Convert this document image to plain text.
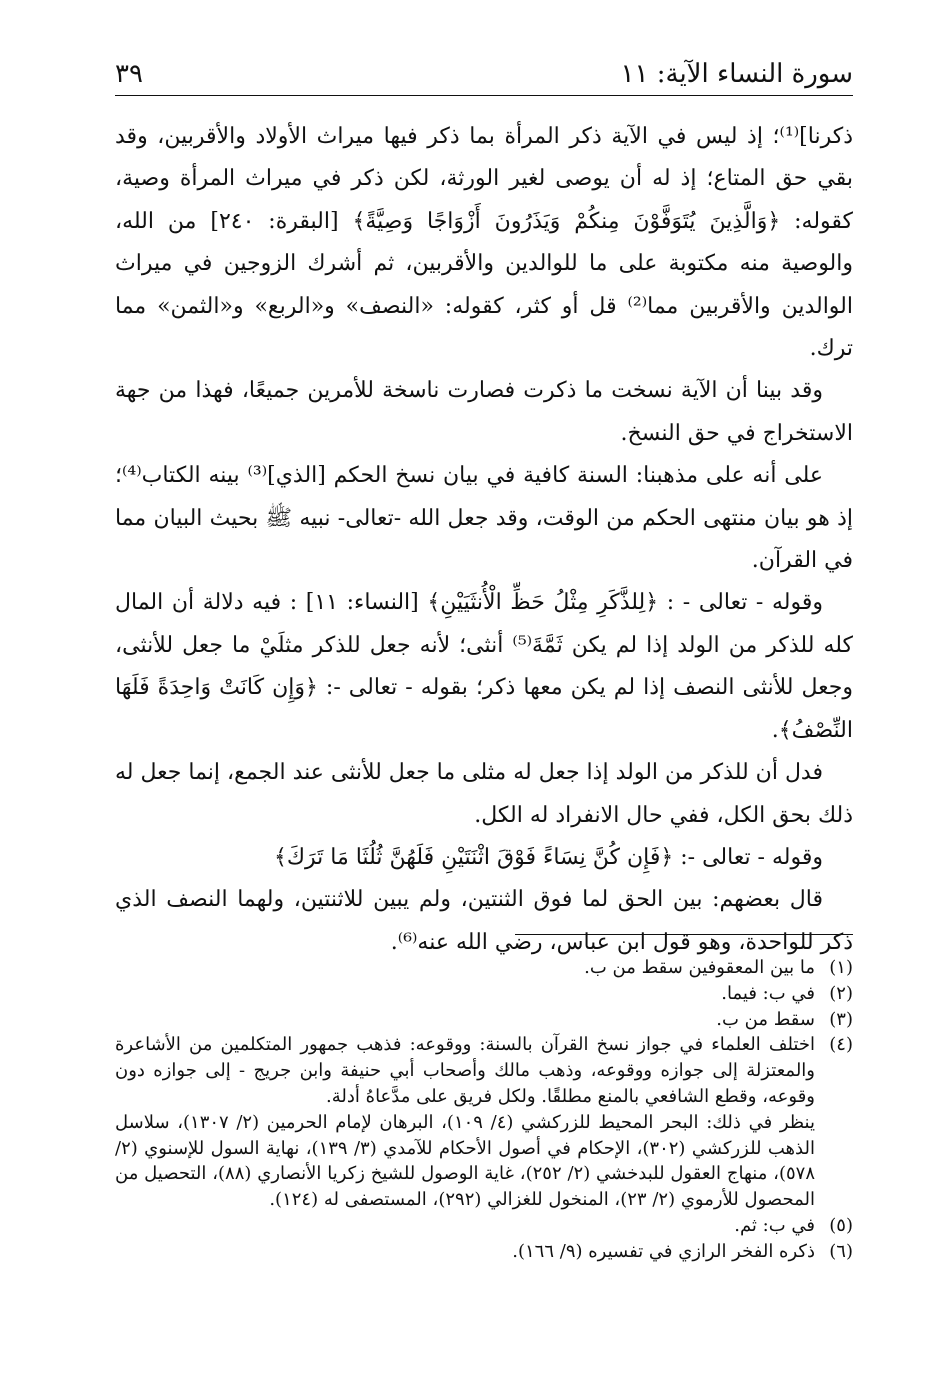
سورة النساء الآية: ١١
٣٩

ذكرنا]⁽¹⁾؛ إذ ليس في الآية ذكر المرأة بما ذكر فيها ميراث الأولاد والأقربين، وقد بقي حق المتاع؛ إذ له أن يوصى لغير الورثة، لكن ذكر في ميراث المرأة وصية، كقوله: ﴿وَالَّذِينَ يُتَوَفَّوْنَ مِنكُمْ وَيَذَرُونَ أَزْوَاجًا وَصِيَّةً﴾ [البقرة: ٢٤٠] من الله، والوصية منه مكتوبة على ما للوالدين والأقربين، ثم أشرك الزوجين في ميراث الوالدين والأقربين مما⁽²⁾ قل أو كثر، كقوله: «النصف» و«الربع» و«الثمن» مما ترك.

وقد بينا أن الآية نسخت ما ذكرت فصارت ناسخة للأمرين جميعًا، فهذا من جهة الاستخراج في حق النسخ.

على أنه على مذهبنا: السنة كافية في بيان نسخ الحكم [الذي]⁽³⁾ بينه الكتاب⁽⁴⁾؛ إذ هو بيان منتهى الحكم من الوقت، وقد جعل الله -تعالى- نبيه ﷺ بحيث البيان مما في القرآن.

وقوله - تعالى - : ﴿لِلذَّكَرِ مِثْلُ حَظِّ الْأُنثَيَيْنِ﴾ [النساء: ١١] : فيه دلالة أن المال كله للذكر من الولد إذا لم يكن ثَمَّةَ⁽⁵⁾ أنثى؛ لأنه جعل للذكر مثلَيْ ما جعل للأنثى، وجعل للأنثى النصف إذا لم يكن معها ذكر؛ بقوله - تعالى -: ﴿وَإِن كَانَتْ وَاحِدَةً فَلَهَا النِّصْفُ﴾.

فدل أن للذكر من الولد إذا جعل له مثلى ما جعل للأنثى عند الجمع، إنما جعل له ذلك بحق الكل، ففي حال الانفراد له الكل.

وقوله - تعالى -: ﴿فَإِن كُنَّ نِسَاءً فَوْقَ اثْنَتَيْنِ فَلَهُنَّ ثُلُثَا مَا تَرَكَ﴾

قال بعضهم: بين الحق لما فوق الثنتين، ولم يبين للاثنتين، ولهما النصف الذي ذكر للواحدة، وهو قول ابن عباس، رضي الله عنه⁽⁶⁾.

(١)
ما بين المعقوفين سقط من ب.
(٢)
في ب: فيما.
(٣)
سقط من ب.
(٤)
اختلف العلماء في جواز نسخ القرآن بالسنة: ووقوعه: فذهب جمهور المتكلمين من الأشاعرة والمعتزلة إلى جوازه ووقوعه، وذهب مالك وأصحاب أبي حنيفة وابن جريج - إلى جوازه دون وقوعه، وقطع الشافعي بالمنع مطلقًا. ولكل فريق على مدَّعاهُ أدلة.
ينظر في ذلك: البحر المحيط للزركشي (٤/ ١٠٩)، البرهان لإمام الحرمين (٢/ ١٣٠٧)، سلاسل الذهب للزركشي (٣٠٢)، الإحكام في أصول الأحكام للآمدي (٣/ ١٣٩)، نهاية السول للإسنوي (٢/ ٥٧٨)، منهاج العقول للبدخشي (٢/ ٢٥٢)، غاية الوصول للشيخ زكريا الأنصاري (٨٨)، التحصيل من المحصول للأرموي (٢/ ٢٣)، المنخول للغزالي (٢٩٢)، المستصفى له (١٢٤).
(٥)
في ب: ثم.
(٦)
ذكره الفخر الرازي في تفسيره (٩/ ١٦٦).
